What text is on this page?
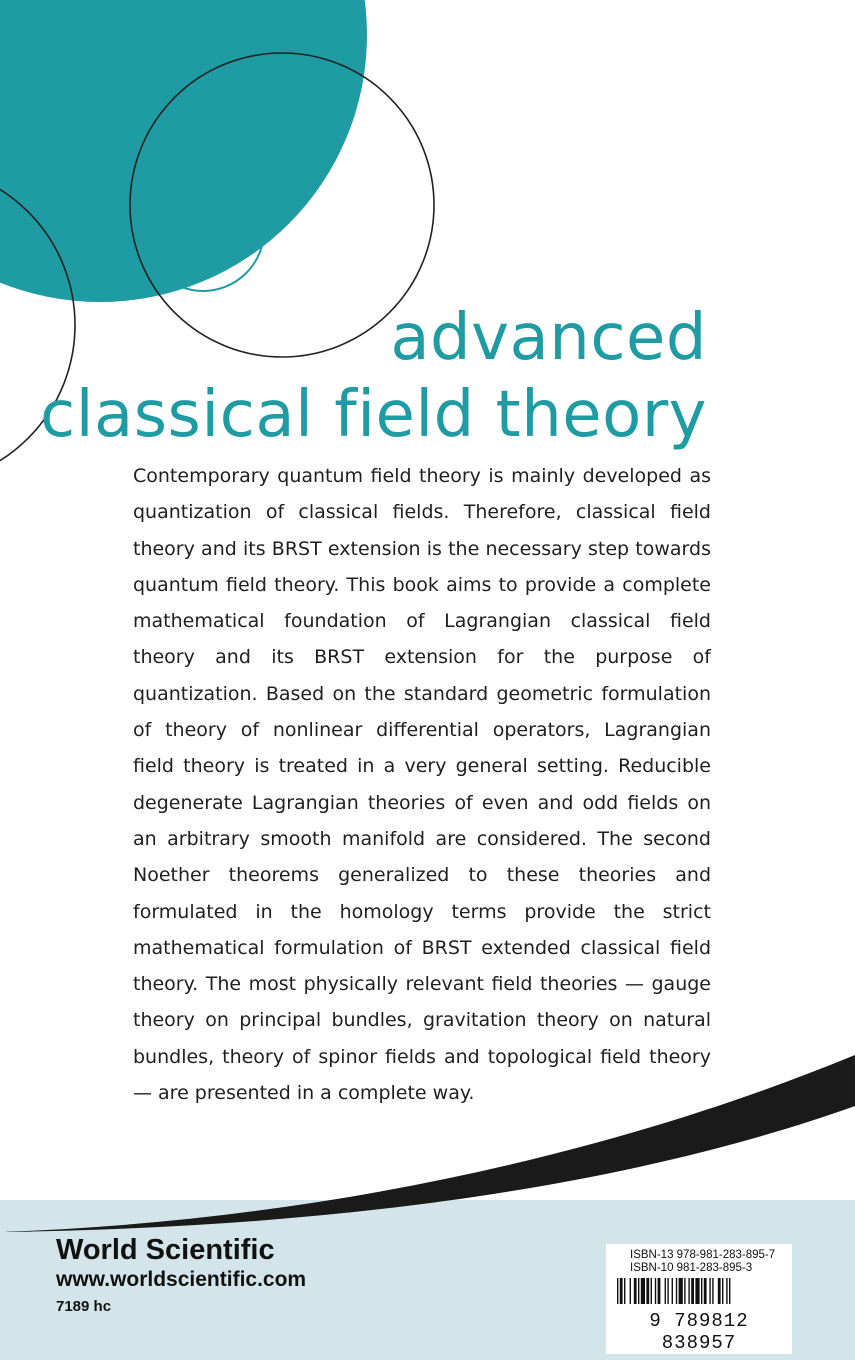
advanced
classical field theory

Contemporary quantum field theory is mainly developed as quantization of classical fields. Therefore, classical field theory and its BRST extension is the necessary step towards quantum field theory. This book aims to provide a complete mathematical foundation of Lagrangian classical field theory and its BRST extension for the purpose of quantization. Based on the standard geometric formulation of theory of nonlinear differential operators, Lagrangian field theory is treated in a very general setting. Reducible degenerate Lagrangian theories of even and odd fields on an arbitrary smooth manifold are considered. The second Noether theorems generalized to these theories and formulated in the homology terms provide the strict mathematical formulation of BRST extended classical field theory. The most physically relevant field theories — gauge theory on principal bundles, gravitation theory on natural bundles, theory of spinor fields and topological field theory — are presented in a complete way.

World Scientific
www.worldscientific.com
7189 hc
ISBN-13 978-981-283-895-7
ISBN-10 981-283-895-3
9 789812 838957
